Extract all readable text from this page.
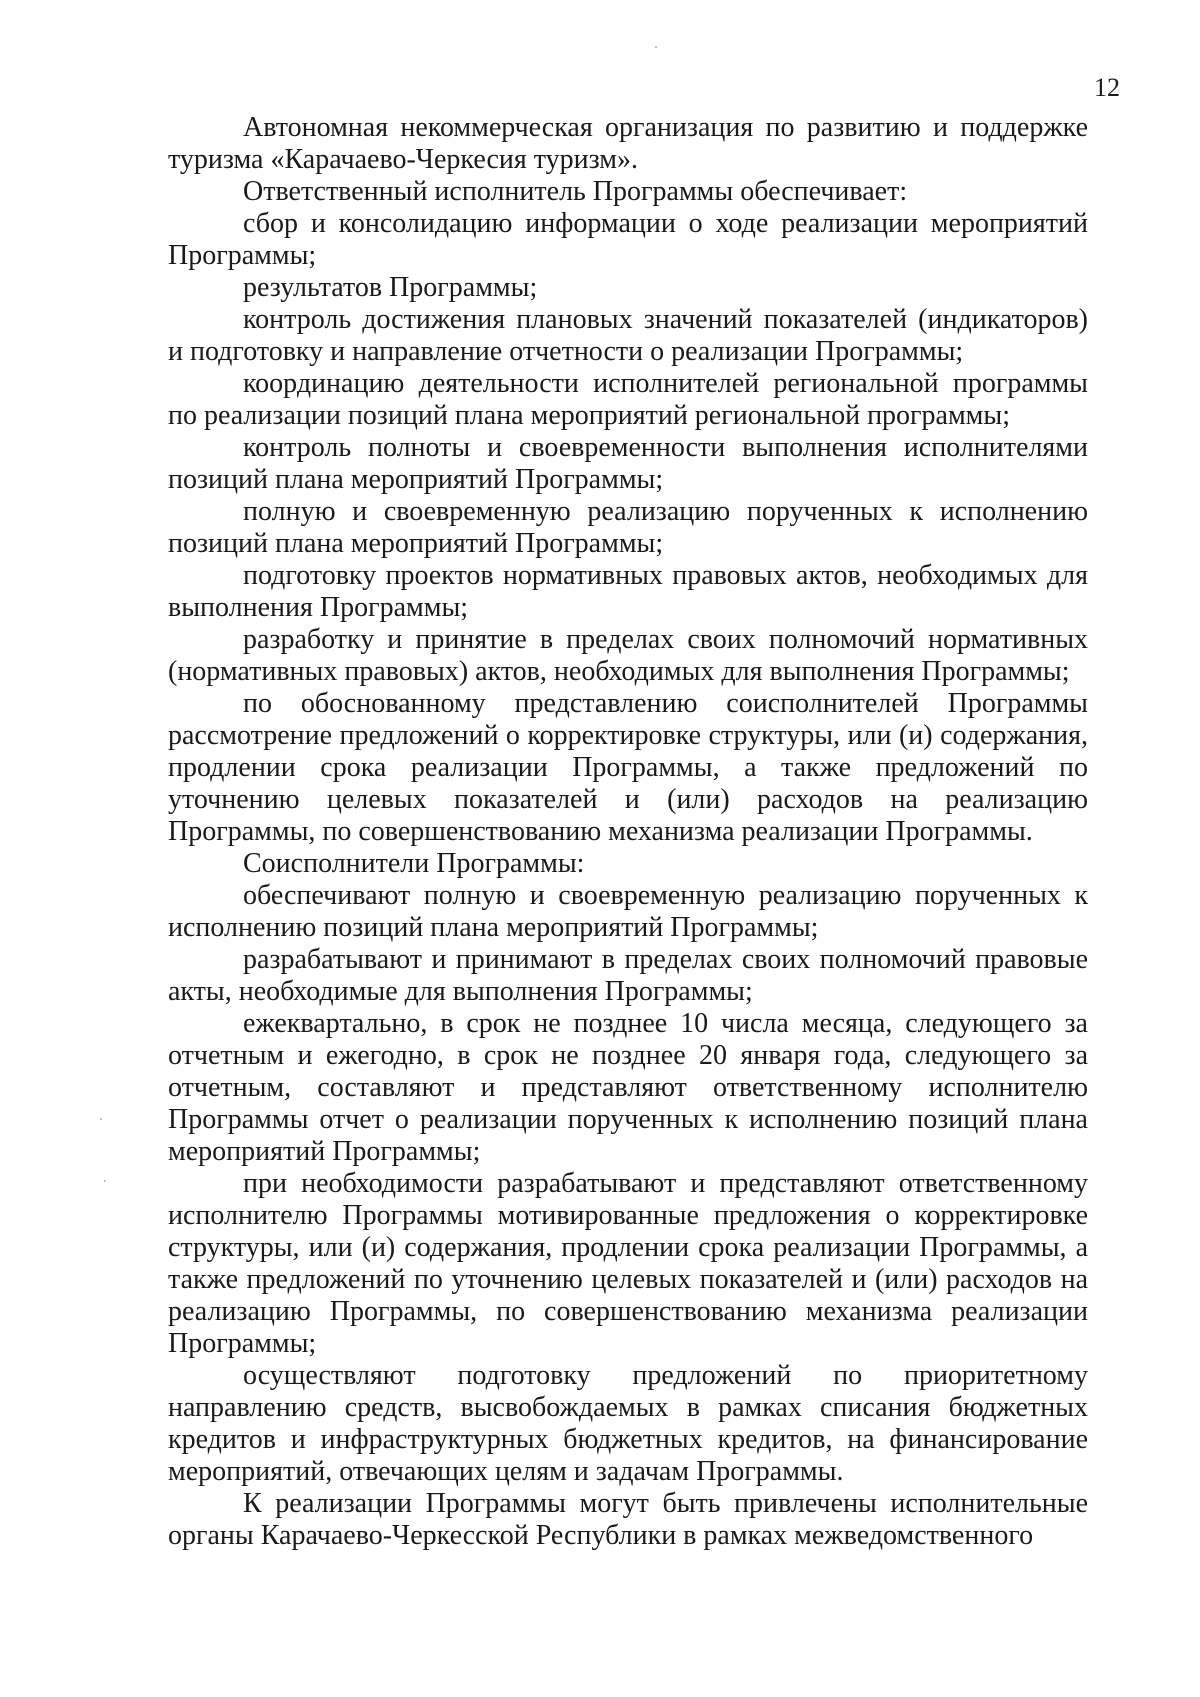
12

Автономная некоммерческая организация по развитию и поддержке туризма «Карачаево-Черкесия туризм».

Ответственный исполнитель Программы обеспечивает:

сбор и консолидацию информации о ходе реализации мероприятий Программы;

результатов Программы;

контроль достижения плановых значений показателей (индикаторов) и подготовку и направление отчетности о реализации Программы;

координацию деятельности исполнителей региональной программы по реализации позиций плана мероприятий региональной программы;

контроль полноты и своевременности выполнения исполнителями позиций плана мероприятий Программы;

полную и своевременную реализацию порученных к исполнению позиций плана мероприятий Программы;

подготовку проектов нормативных правовых актов, необходимых для выполнения Программы;

разработку и принятие в пределах своих полномочий нормативных (нормативных правовых) актов, необходимых для выполнения Программы;

по обоснованному представлению соисполнителей Программы рассмотрение предложений о корректировке структуры, или (и) содержания, продлении срока реализации Программы, а также предложений по уточнению целевых показателей и (или) расходов на реализацию Программы, по совершенствованию механизма реализации Программы.

Соисполнители Программы:

обеспечивают полную и своевременную реализацию порученных к исполнению позиций плана мероприятий Программы;

разрабатывают и принимают в пределах своих полномочий правовые акты, необходимые для выполнения Программы;

ежеквартально, в срок не позднее 10 числа месяца, следующего за отчетным и ежегодно, в срок не позднее 20 января года, следующего за отчетным, составляют и представляют ответственному исполнителю Программы отчет о реализации порученных к исполнению позиций плана мероприятий Программы;

при необходимости разрабатывают и представляют ответственному исполнителю Программы мотивированные предложения о корректировке структуры, или (и) содержания, продлении срока реализации Программы, а также предложений по уточнению целевых показателей и (или) расходов на реализацию Программы, по совершенствованию механизма реализации Программы;

осуществляют подготовку предложений по приоритетному направлению средств, высвобождаемых в рамках списания бюджетных кредитов и инфраструктурных бюджетных кредитов, на финансирование мероприятий, отвечающих целям и задачам Программы.

К реализации Программы могут быть привлечены исполнительные органы Карачаево-Черкесской Республики в рамках межведомственного
